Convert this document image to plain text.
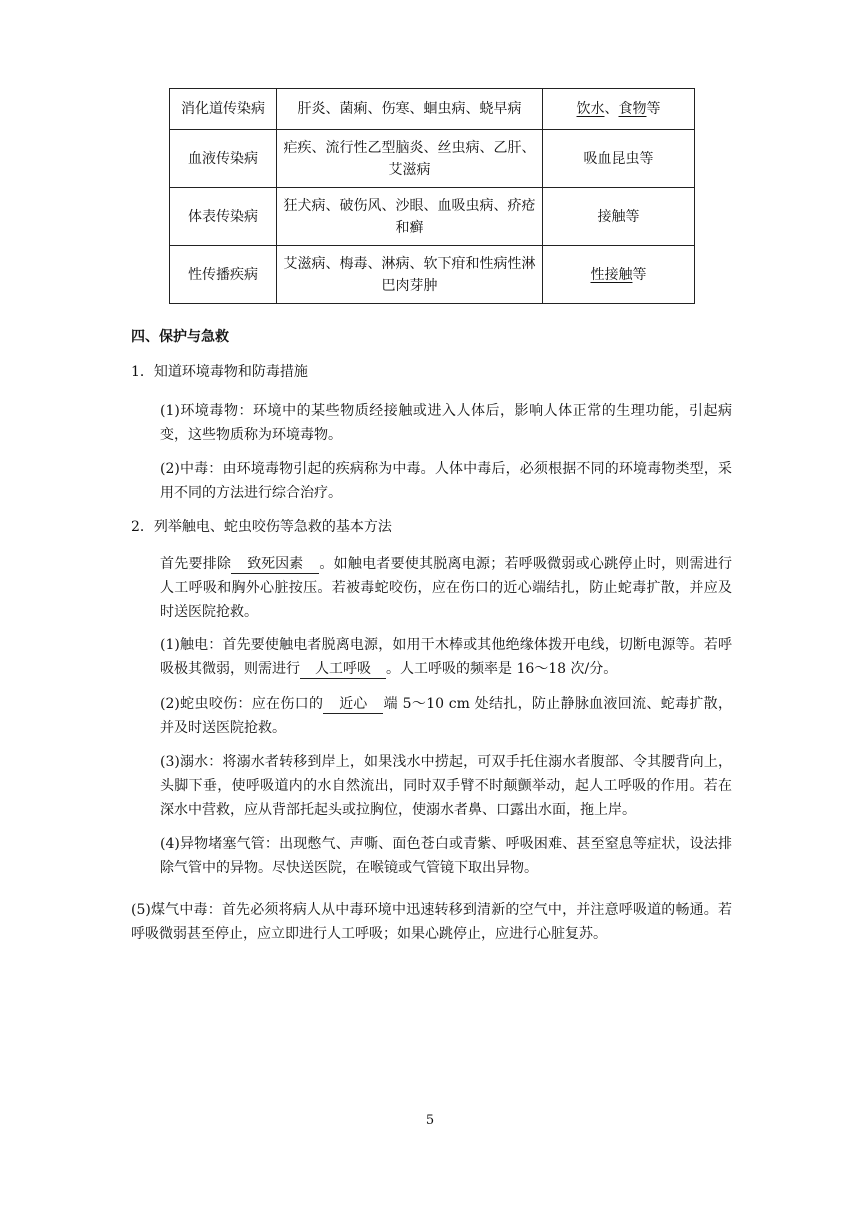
消化道传染病	肝炎、菌痢、伤寒、蛔虫病、蛲早病	饮水、食物等
血液传染病	疟疾、流行性乙型脑炎、丝虫病、乙肝、艾滋病	吸血昆虫等
体表传染病	狂犬病、破伤风、沙眼、血吸虫病、疥疮和癣	接触等
性传播疾病	艾滋病、梅毒、淋病、软下疳和性病性淋巴肉芽肿	性接触等
四、保护与急救
1．知道环境毒物和防毒措施
(1)环境毒物：环境中的某些物质经接触或进入人体后，影响人体正常的生理功能，引起病变，这些物质称为环境毒物。
(2)中毒：由环境毒物引起的疾病称为中毒。人体中毒后，必须根据不同的环境毒物类型，采用不同的方法进行综合治疗。
2．列举触电、蛇虫咬伤等急救的基本方法
首先要排除 致死因素 。如触电者要使其脱离电源；若呼吸微弱或心跳停止时，则需进行人工呼吸和胸外心脏按压。若被毒蛇咬伤，应在伤口的近心端结扎，防止蛇毒扩散，并应及时送医院抢救。
(1)触电：首先要使触电者脱离电源，如用干木棒或其他绝缘体拨开电线，切断电源等。若呼吸极其微弱，则需进行 人工呼吸 。人工呼吸的频率是 16～18 次/分。
(2)蛇虫咬伤：应在伤口的 近心 端 5～10 cm 处结扎，防止静脉血液回流、蛇毒扩散，并及时送医院抢救。
(3)溺水：将溺水者转移到岸上，如果浅水中捞起，可双手托住溺水者腹部、令其腰背向上，头脚下垂，使呼吸道内的水自然流出，同时双手臂不时颠颤举动，起人工呼吸的作用。若在深水中营救，应从背部托起头或拉胸位，使溺水者鼻、口露出水面，拖上岸。
(4)异物堵塞气管：出现憋气、声嘶、面色苍白或青紫、呼吸困难、甚至窒息等症状，设法排除气管中的异物。尽快送医院，在喉镜或气管镜下取出异物。
(5)煤气中毒：首先必须将病人从中毒环境中迅速转移到清新的空气中，并注意呼吸道的畅通。若呼吸微弱甚至停止，应立即进行人工呼吸；如果心跳停止，应进行心脏复苏。
5
